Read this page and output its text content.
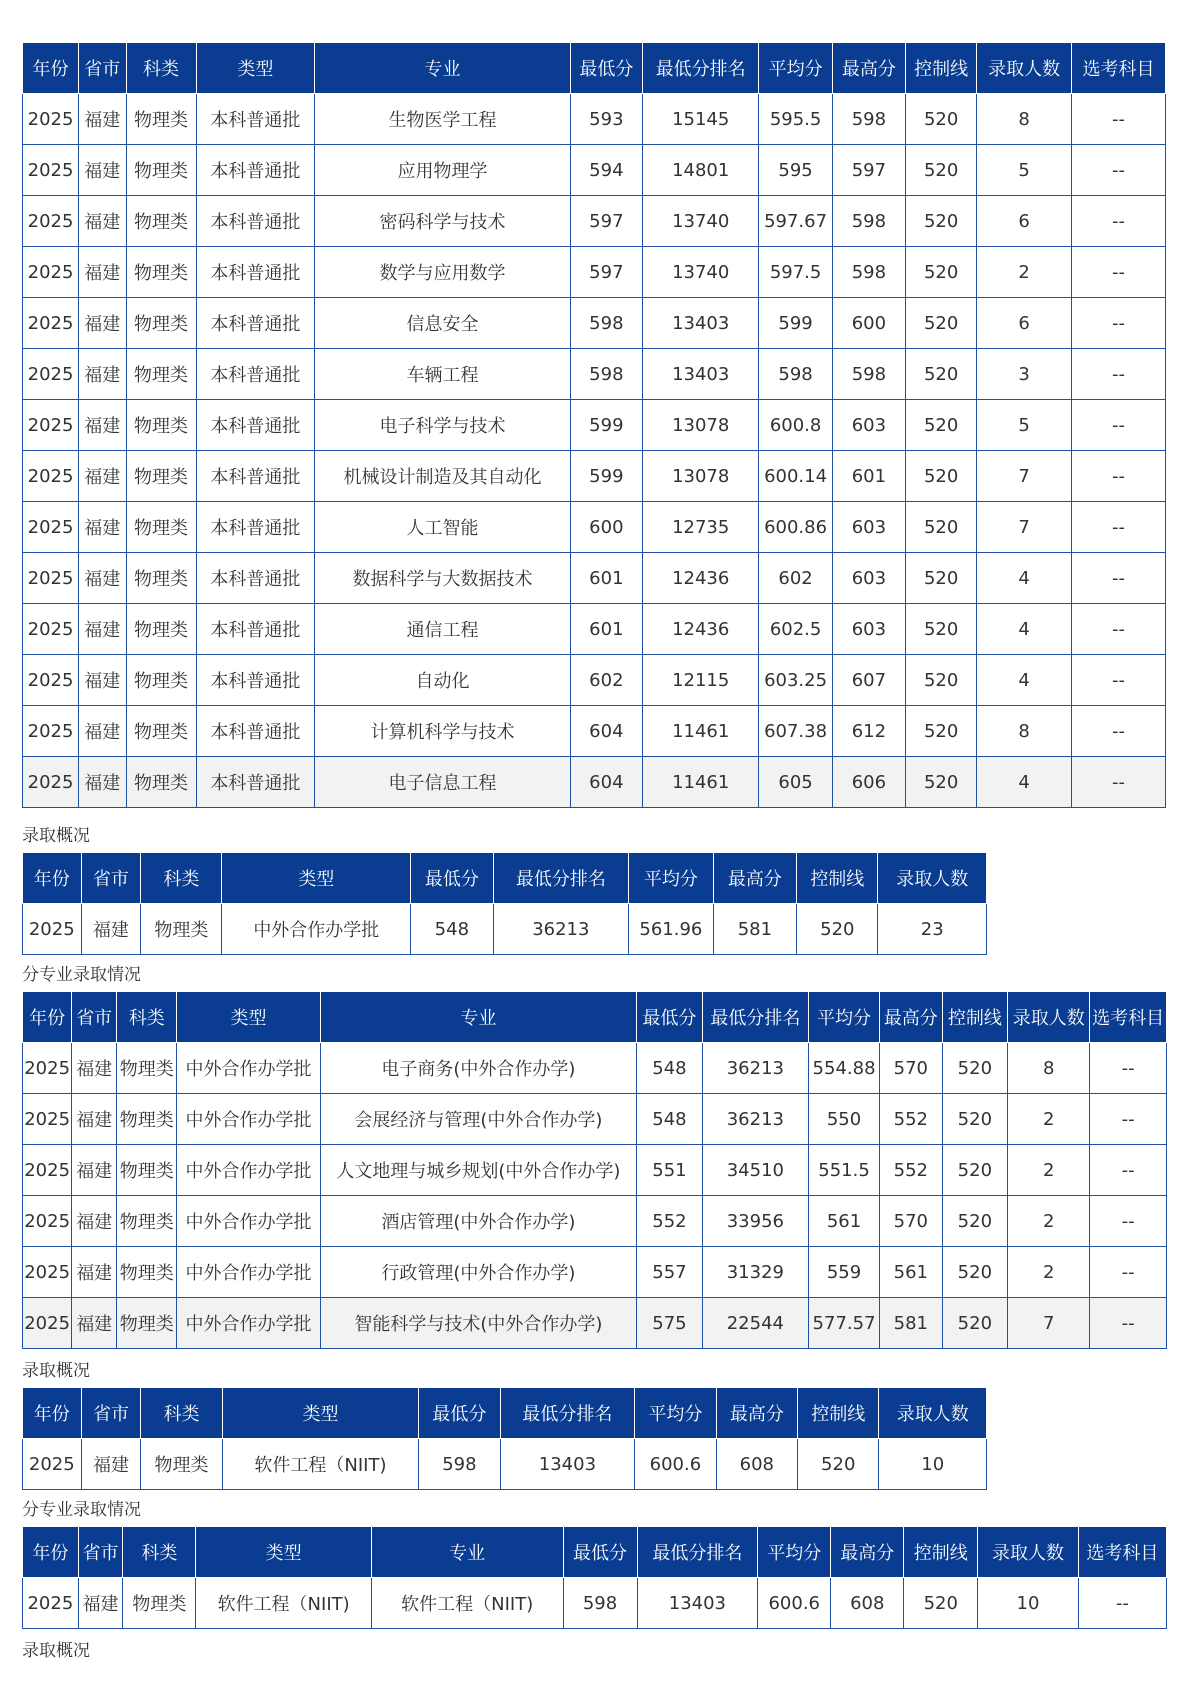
年份	省市	科类	类型	专业	最低分	最低分排名	平均分	最高分	控制线	录取人数	选考科目
2025	福建	物理类	本科普通批	生物医学工程	593	15145	595.5	598	520	8	--
2025	福建	物理类	本科普通批	应用物理学	594	14801	595	597	520	5	--
2025	福建	物理类	本科普通批	密码科学与技术	597	13740	597.67	598	520	6	--
2025	福建	物理类	本科普通批	数学与应用数学	597	13740	597.5	598	520	2	--
2025	福建	物理类	本科普通批	信息安全	598	13403	599	600	520	6	--
2025	福建	物理类	本科普通批	车辆工程	598	13403	598	598	520	3	--
2025	福建	物理类	本科普通批	电子科学与技术	599	13078	600.8	603	520	5	--
2025	福建	物理类	本科普通批	机械设计制造及其自动化	599	13078	600.14	601	520	7	--
2025	福建	物理类	本科普通批	人工智能	600	12735	600.86	603	520	7	--
2025	福建	物理类	本科普通批	数据科学与大数据技术	601	12436	602	603	520	4	--
2025	福建	物理类	本科普通批	通信工程	601	12436	602.5	603	520	4	--
2025	福建	物理类	本科普通批	自动化	602	12115	603.25	607	520	4	--
2025	福建	物理类	本科普通批	计算机科学与技术	604	11461	607.38	612	520	8	--
2025	福建	物理类	本科普通批	电子信息工程	604	11461	605	606	520	4	--
录取概况
年份	省市	科类	类型	最低分	最低分排名	平均分	最高分	控制线	录取人数
2025	福建	物理类	中外合作办学批	548	36213	561.96	581	520	23
分专业录取情况
年份	省市	科类	类型	专业	最低分	最低分排名	平均分	最高分	控制线	录取人数	选考科目
2025	福建	物理类	中外合作办学批	电子商务(中外合作办学)	548	36213	554.88	570	520	8	--
2025	福建	物理类	中外合作办学批	会展经济与管理(中外合作办学)	548	36213	550	552	520	2	--
2025	福建	物理类	中外合作办学批	人文地理与城乡规划(中外合作办学)	551	34510	551.5	552	520	2	--
2025	福建	物理类	中外合作办学批	酒店管理(中外合作办学)	552	33956	561	570	520	2	--
2025	福建	物理类	中外合作办学批	行政管理(中外合作办学)	557	31329	559	561	520	2	--
2025	福建	物理类	中外合作办学批	智能科学与技术(中外合作办学)	575	22544	577.57	581	520	7	--
录取概况
年份	省市	科类	类型	最低分	最低分排名	平均分	最高分	控制线	录取人数
2025	福建	物理类	软件工程（NIIT)	598	13403	600.6	608	520	10
分专业录取情况
年份	省市	科类	类型	专业	最低分	最低分排名	平均分	最高分	控制线	录取人数	选考科目
2025	福建	物理类	软件工程（NIIT)	软件工程（NIIT)	598	13403	600.6	608	520	10	--
录取概况
